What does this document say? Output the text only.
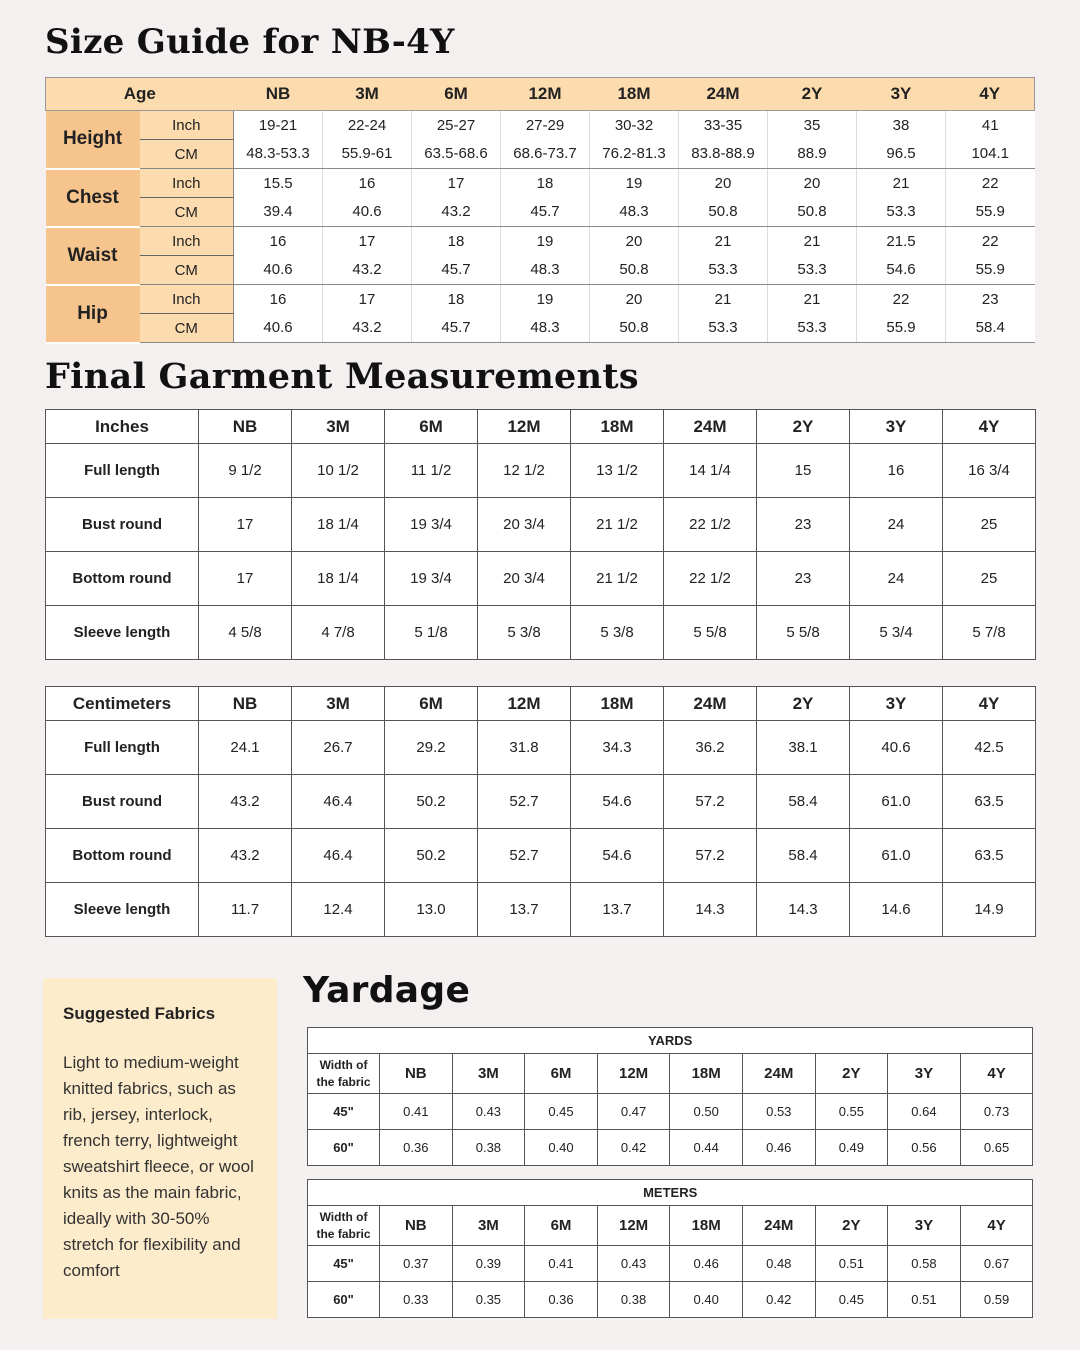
Size Guide for NB-4Y
Age		NB	3M	6M	12M	18M	24M	2Y	3Y	4Y
Height	Inch	19-21	22-24	25-27	27-29	30-32	33-35	35	38	41
	CM	48.3-53.3	55.9-61	63.5-68.6	68.6-73.7	76.2-81.3	83.8-88.9	88.9	96.5	104.1
Chest	Inch	15.5	16	17	18	19	20	20	21	22
	CM	39.4	40.6	43.2	45.7	48.3	50.8	50.8	53.3	55.9
Waist	Inch	16	17	18	19	20	21	21	21.5	22
	CM	40.6	43.2	45.7	48.3	50.8	53.3	53.3	54.6	55.9
Hip	Inch	16	17	18	19	20	21	21	22	23
	CM	40.6	43.2	45.7	48.3	50.8	53.3	53.3	55.9	58.4
Final Garment Measurements
Inches	NB	3M	6M	12M	18M	24M	2Y	3Y	4Y
Full length	9 1/2	10 1/2	11 1/2	12 1/2	13 1/2	14 1/4	15	16	16 3/4
Bust round	17	18 1/4	19 3/4	20 3/4	21 1/2	22 1/2	23	24	25
Bottom round	17	18 1/4	19 3/4	20 3/4	21 1/2	22 1/2	23	24	25
Sleeve length	4 5/8	4 7/8	5 1/8	5 3/8	5 3/8	5 5/8	5 5/8	5 3/4	5 7/8
Centimeters	NB	3M	6M	12M	18M	24M	2Y	3Y	4Y
Full length	24.1	26.7	29.2	31.8	34.3	36.2	38.1	40.6	42.5
Bust round	43.2	46.4	50.2	52.7	54.6	57.2	58.4	61.0	63.5
Bottom round	43.2	46.4	50.2	52.7	54.6	57.2	58.4	61.0	63.5
Sleeve length	11.7	12.4	13.0	13.7	13.7	14.3	14.3	14.6	14.9
Suggested Fabrics

Light to medium-weight knitted fabrics, such as rib, jersey, interlock, french terry, lightweight sweatshirt fleece, or wool knits as the main fabric, ideally with 30-50% stretch for flexibility and comfort

Yardage
YARDS									

Width of
the fabric	NB	3M	6M	12M	18M	24M	2Y	3Y	4Y
45"	0.41	0.43	0.45	0.47	0.50	0.53	0.55	0.64	0.73
60"	0.36	0.38	0.40	0.42	0.44	0.46	0.49	0.56	0.65
METERS									

Width of
the fabric	NB	3M	6M	12M	18M	24M	2Y	3Y	4Y
45"	0.37	0.39	0.41	0.43	0.46	0.48	0.51	0.58	0.67
60"	0.33	0.35	0.36	0.38	0.40	0.42	0.45	0.51	0.59
